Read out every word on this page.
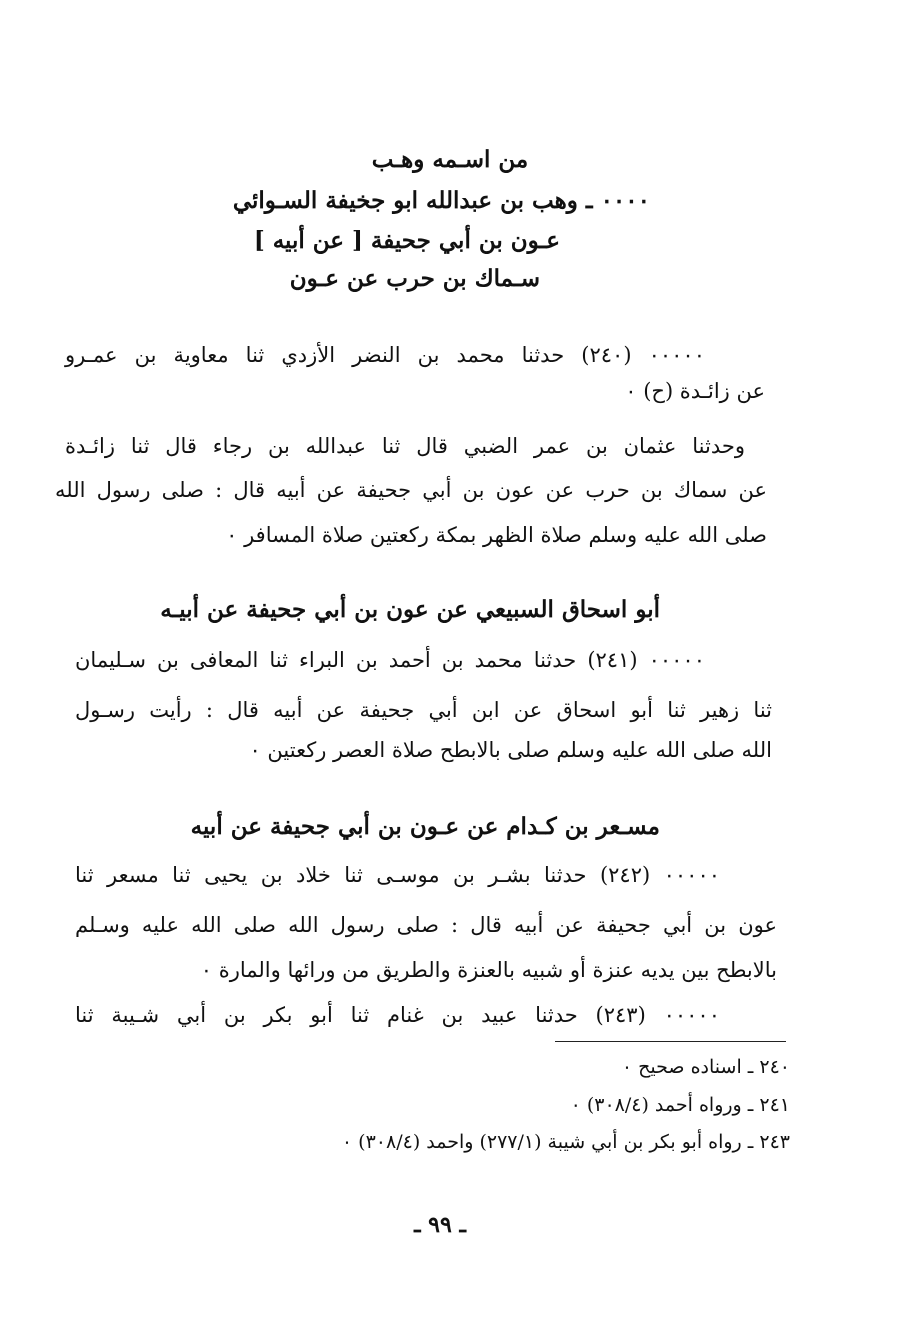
من اسـمه وهـب
٠٠٠٠ ـ وهب بن عبدالله ابو جخيفة السـوائي
عـون بن أبي جحيفة [ عن أبيه ]
سـماك بن حرب عن عـون
٠٠٠٠٠ (٢٤٠) حدثنا محمد بن النضر الأزدي ثنا معاوية بن عمـرو
عن زائـدة (ح) ٠
وحدثنا عثمان بن عمر الضبي قال ثنا عبدالله بن رجاء قال ثنا زائـدة
عن سماك بن حرب عن عون بن أبي جحيفة عن أبيه قال : صلى رسول الله
صلى الله عليه وسلم صلاة الظهر بمكة ركعتين صلاة المسافر ٠
أبو اسحاق السبيعي عن عون بن أبي جحيفة عن أبيـه
٠٠٠٠٠ (٢٤١) حدثنا محمد بن أحمد بن البراء ثنا المعافى بن سـليمان
ثنا زهير ثنا أبو اسحاق عن ابن أبي جحيفة عن أبيه قال : رأيت رسـول
الله صلى الله عليه وسلم صلى بالابطح صلاة العصر ركعتين ٠
مسـعر بن كـدام عن عـون بن أبي جحيفة عن أبيه
٠٠٠٠٠ (٢٤٢) حدثنا بشـر بن موسـى ثنا خلاد بن يحيى ثنا مسعر ثنا
عون بن أبي جحيفة عن أبيه قال : صلى رسول الله صلى الله عليه وسـلم
بالابطح بين يديه عنزة أو شبيه بالعنزة والطريق من ورائها والمارة ٠
٠٠٠٠٠ (٢٤٣) حدثنا عبيد بن غنام ثنا أبو بكر بن أبي شـيبة ثنا
٢٤٠ ـ اسناده صحيح ٠
٢٤١ ـ ورواه أحمد (٣٠٨/٤) ٠
٢٤٣ ـ رواه أبو بكر بن أبي شيبة (٢٧٧/١) واحمد (٣٠٨/٤) ٠
ـ ٩٩ ـ
